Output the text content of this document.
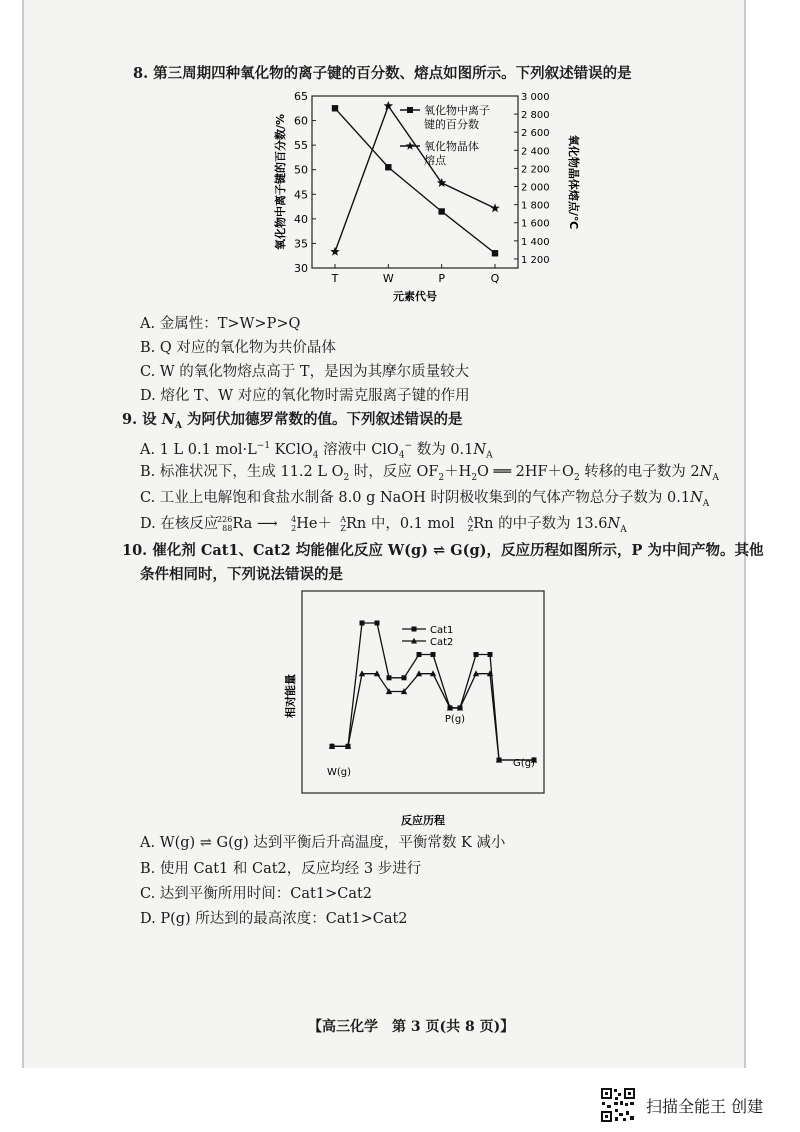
8. 第三周期四种氧化物的离子键的百分数、熔点如图所示。下列叙述错误的是
30
35
40
45
50
55
60
65
1 200
1 400
1 600
1 800
2 000
2 200
2 400
2 600
2 800
3 000
T	W	P	Q
元素代号
氧化物中离子键的百分数/%	氧化物晶体熔点/℃
氧化物中离子
键的百分数
氧化物晶体
熔点
A. 金属性：T>W>P>Q
B. Q 对应的氧化物为共价晶体
C. W 的氧化物熔点高于 T，是因为其摩尔质量较大
D. 熔化 T、W 对应的氧化物时需克服离子键的作用
9. 设 $N_A$ 为阿伏加德罗常数的值。下列叙述错误的是
A. 1 L 0.1 $mol\cdot L^{-1}$ KClO$_4$ 溶液中 ClO$_4$− 数为 $0.1N_A$
B. 标准状况下，生成 11.2 L $O_2$ 时，反应 $OF_2+H_2O$ ══ $2HF+O_2$ 转移的电子数为 $2N_A$
C. 工业上电解饱和食盐水制备 8.0 g NaOH 时阴极收集到的气体产物总分子数为 $0.1N_A$
D. 在核反应
226
88 Ra ⟶ 4
2 He＋ A
Z Rn 中，0.1 mol A
Z Rn 的中子数为 $13.6N_A$
10. 催化剂 Cat1、Cat2 均能催化反应 W(g) ⇌ G(g)，反应历程如图所示，P 为中间产物。其他
条件相同时，下列说法错误的是
Cat1
Cat2
W(g)
P(g)
G(g)
相对能量
反应历程
A. W(g) ⇌ G(g) 达到平衡后升高温度，平衡常数 K 减小
B. 使用 Cat1 和 Cat2，反应均经 3 步进行
C. 达到平衡所用时间：Cat1>Cat2
D. P(g) 所达到的最高浓度：Cat1>Cat2
【高三化学　第 3 页(共 8 页)】
扫描全能王 创建
